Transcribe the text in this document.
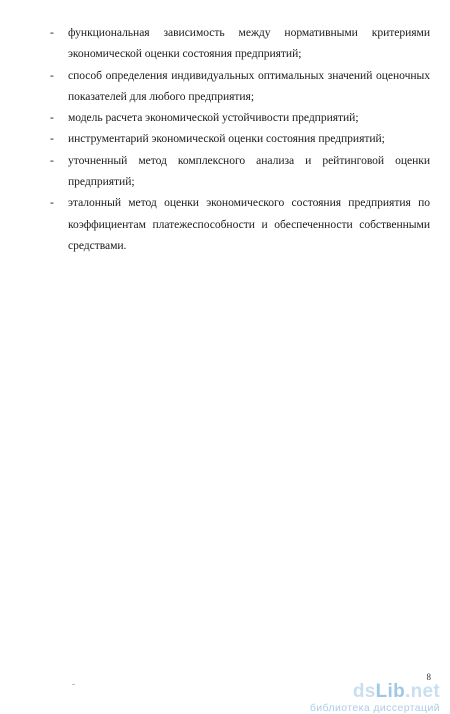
- функциональная зависимость между нормативными критериями экономической оценки состояния предприятий;
- способ определения индивидуальных оптимальных значений оценочных показателей для любого предприятия;
- модель расчета экономической устойчивости предприятий;
- инструментарий экономической оценки состояния предприятий;
- уточненный метод комплексного анализа и рейтинговой оценки предприятий;
- эталонный метод оценки экономического состояния предприятия по коэффициентам платежеспособности и обеспеченности собственными средствами.
8
dsLib.net
библиотека диссертаций
